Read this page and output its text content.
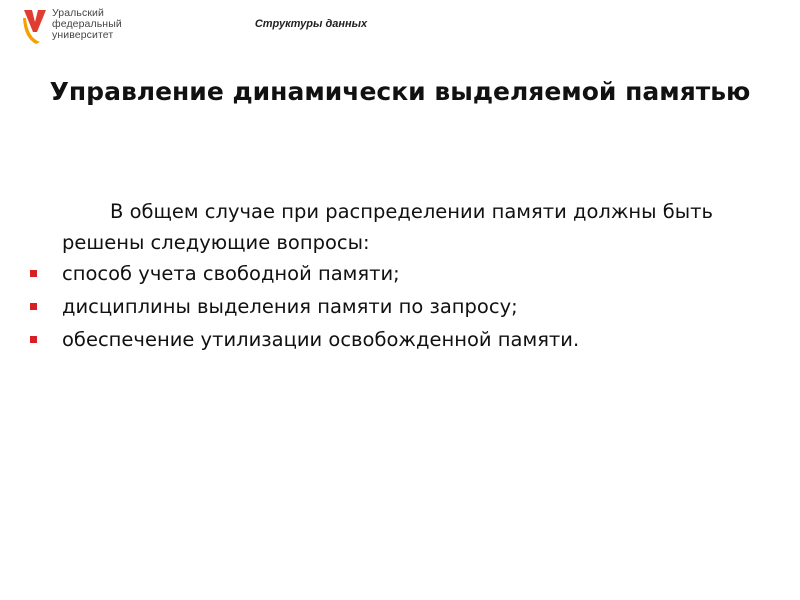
Уральский
федеральный
университет
Структуры данных
Управление динамически выделяемой памятью
В общем случае при распределении памяти должны быть решены следующие вопросы:
способ учета свободной памяти;
дисциплины выделения памяти по запросу;
обеспечение утилизации освобожденной памяти.
